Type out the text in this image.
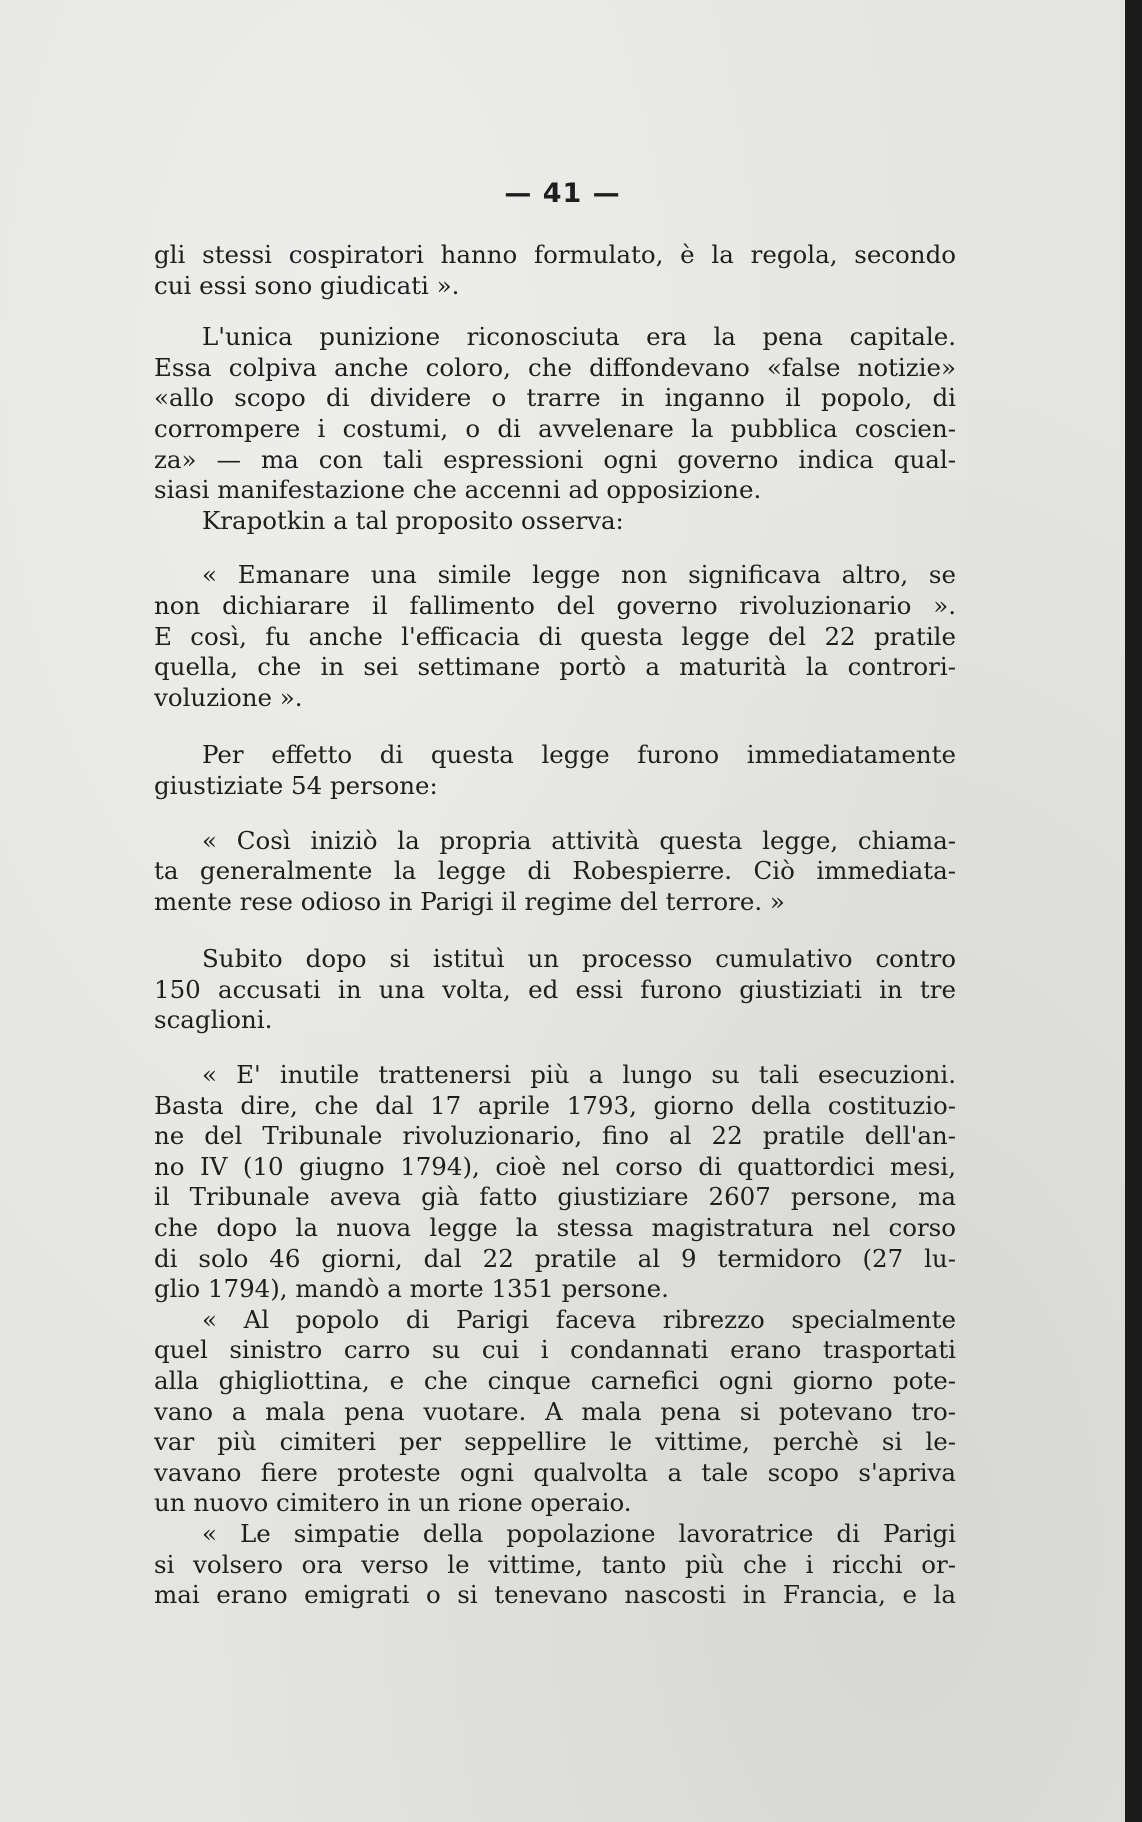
— 41 —
gli stessi cospiratori hanno formulato, è la regola, secondo
cui essi sono giudicati ».
L'unica punizione riconosciuta era la pena capitale.
Essa colpiva anche coloro, che diffondevano «false notizie»
«allo scopo di dividere o trarre in inganno il popolo, di
corrompere i costumi, o di avvelenare la pubblica coscien-
za» — ma con tali espressioni ogni governo indica qual-
siasi manifestazione che accenni ad opposizione.
Krapotkin a tal proposito osserva:
« Emanare una simile legge non significava altro, se
non dichiarare il fallimento del governo rivoluzionario ».
E così, fu anche l'efficacia di questa legge del 22 pratile
quella, che in sei settimane portò a maturità la controri-
voluzione ».
Per effetto di questa legge furono immediatamente
giustiziate 54 persone:
« Così iniziò la propria attività questa legge, chiama-
ta generalmente la legge di Robespierre. Ciò immediata-
mente rese odioso in Parigi il regime del terrore. »
Subito dopo si istituì un processo cumulativo contro
150 accusati in una volta, ed essi furono giustiziati in tre
scaglioni.
« E' inutile trattenersi più a lungo su tali esecuzioni.
Basta dire, che dal 17 aprile 1793, giorno della costituzio-
ne del Tribunale rivoluzionario, fino al 22 pratile dell'an-
no IV (10 giugno 1794), cioè nel corso di quattordici mesi,
il Tribunale aveva già fatto giustiziare 2607 persone, ma
che dopo la nuova legge la stessa magistratura nel corso
di solo 46 giorni, dal 22 pratile al 9 termidoro (27 lu-
glio 1794), mandò a morte 1351 persone.
« Al popolo di Parigi faceva ribrezzo specialmente
quel sinistro carro su cui i condannati erano trasportati
alla ghigliottina, e che cinque carnefici ogni giorno pote-
vano a mala pena vuotare. A mala pena si potevano tro-
var più cimiteri per seppellire le vittime, perchè si le-
vavano fiere proteste ogni qualvolta a tale scopo s'apriva
un nuovo cimitero in un rione operaio.
« Le simpatie della popolazione lavoratrice di Parigi
si volsero ora verso le vittime, tanto più che i ricchi or-
mai erano emigrati o si tenevano nascosti in Francia, e la
